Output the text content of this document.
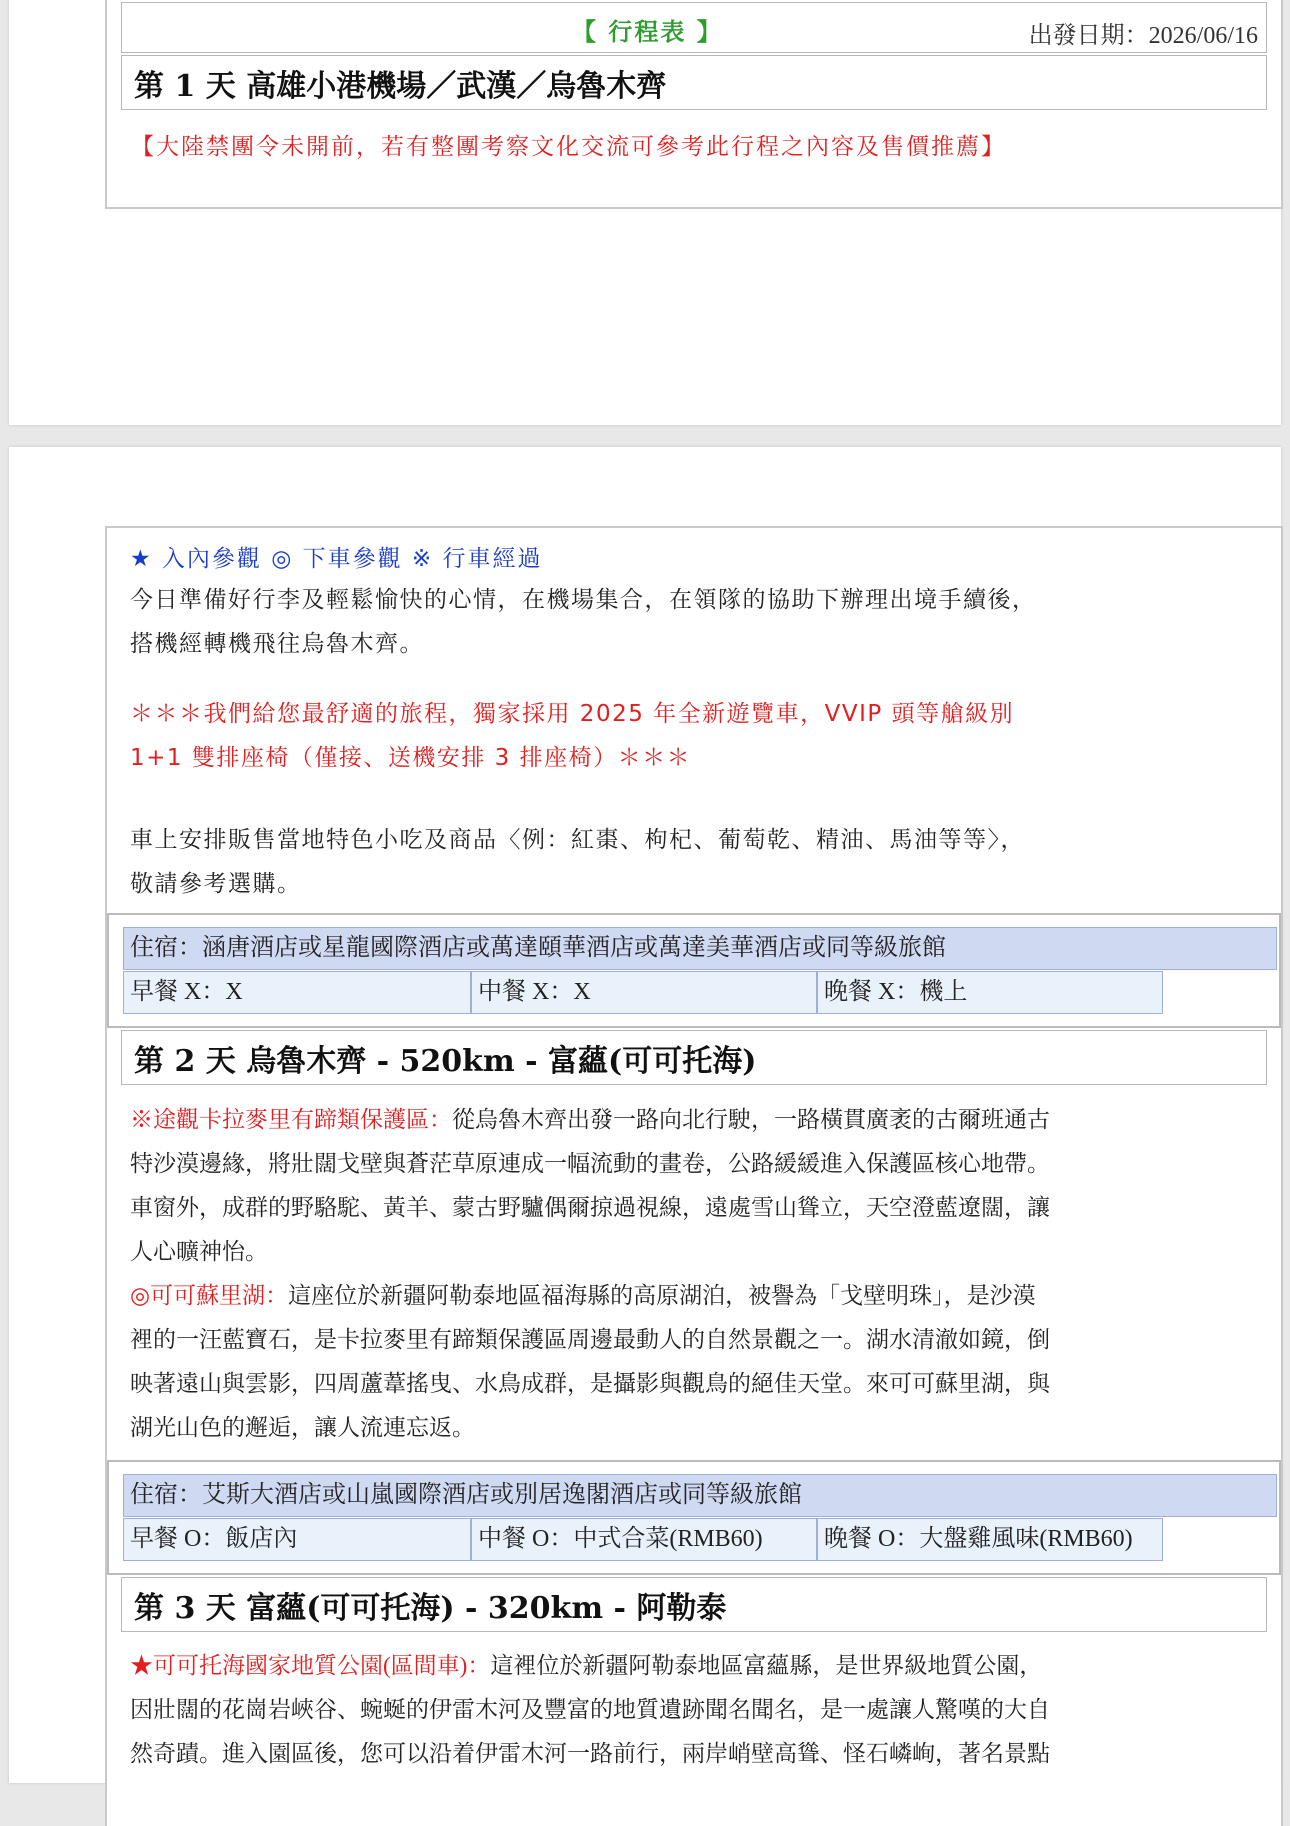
【 行程表 】	出發日期：2026/06/16
第 1 天 高雄小港機場／武漢／烏魯木齊
【大陸禁團令未開前，若有整團考察文化交流可參考此行程之內容及售價推薦】
★ 入內參觀 ◎ 下車參觀 ※ 行車經過
今日準備好行李及輕鬆愉快的心情，在機場集合，在領隊的協助下辦理出境手續後，
搭機經轉機飛往烏魯木齊。
＊＊＊我們給您最舒適的旅程，獨家採用 2025 年全新遊覽車，VVIP 頭等艙級別
1+1 雙排座椅（僅接、送機安排 3 排座椅）＊＊＊
車上安排販售當地特色小吃及商品〈例：紅棗、枸杞、葡萄乾、精油、馬油等等〉，
敬請參考選購。
住宿：涵唐酒店或星龍國際酒店或萬達頤華酒店或萬達美華酒店或同等級旅館
早餐 X：X	中餐 X：X	晚餐 X：機上
第 2 天 烏魯木齊 - 520km - 富蘊(可可托海)
※途觀卡拉麥里有蹄類保護區：從烏魯木齊出發一路向北行駛，一路橫貫廣袤的古爾班通古
特沙漠邊緣，將壯闊戈壁與蒼茫草原連成一幅流動的畫卷，公路緩緩進入保護區核心地帶。
車窗外，成群的野駱駝、黃羊、蒙古野驢偶爾掠過視線，遠處雪山聳立，天空澄藍遼闊，讓
人心曠神怡。
◎可可蘇里湖：這座位於新疆阿勒泰地區福海縣的高原湖泊，被譽為「戈壁明珠」，是沙漠
裡的一汪藍寶石，是卡拉麥里有蹄類保護區周邊最動人的自然景觀之一。湖水清澈如鏡，倒
映著遠山與雲影，四周蘆葦搖曳、水鳥成群，是攝影與觀鳥的絕佳天堂。來可可蘇里湖，與
湖光山色的邂逅，讓人流連忘返。
住宿：艾斯大酒店或山嵐國際酒店或別居逸閣酒店或同等級旅館
早餐 O：飯店內	中餐 O：中式合菜(RMB60)	晚餐 O：大盤雞風味(RMB60)
第 3 天 富蘊(可可托海) - 320km - 阿勒泰
★可可托海國家地質公園(區間車)：這裡位於新疆阿勒泰地區富蘊縣，是世界級地質公園，
因壯闊的花崗岩峽谷、蜿蜒的伊雷木河及豐富的地質遺跡聞名聞名，是一處讓人驚嘆的大自
然奇蹟。進入園區後，您可以沿着伊雷木河一路前行，兩岸峭壁高聳、怪石嶙峋，著名景點
